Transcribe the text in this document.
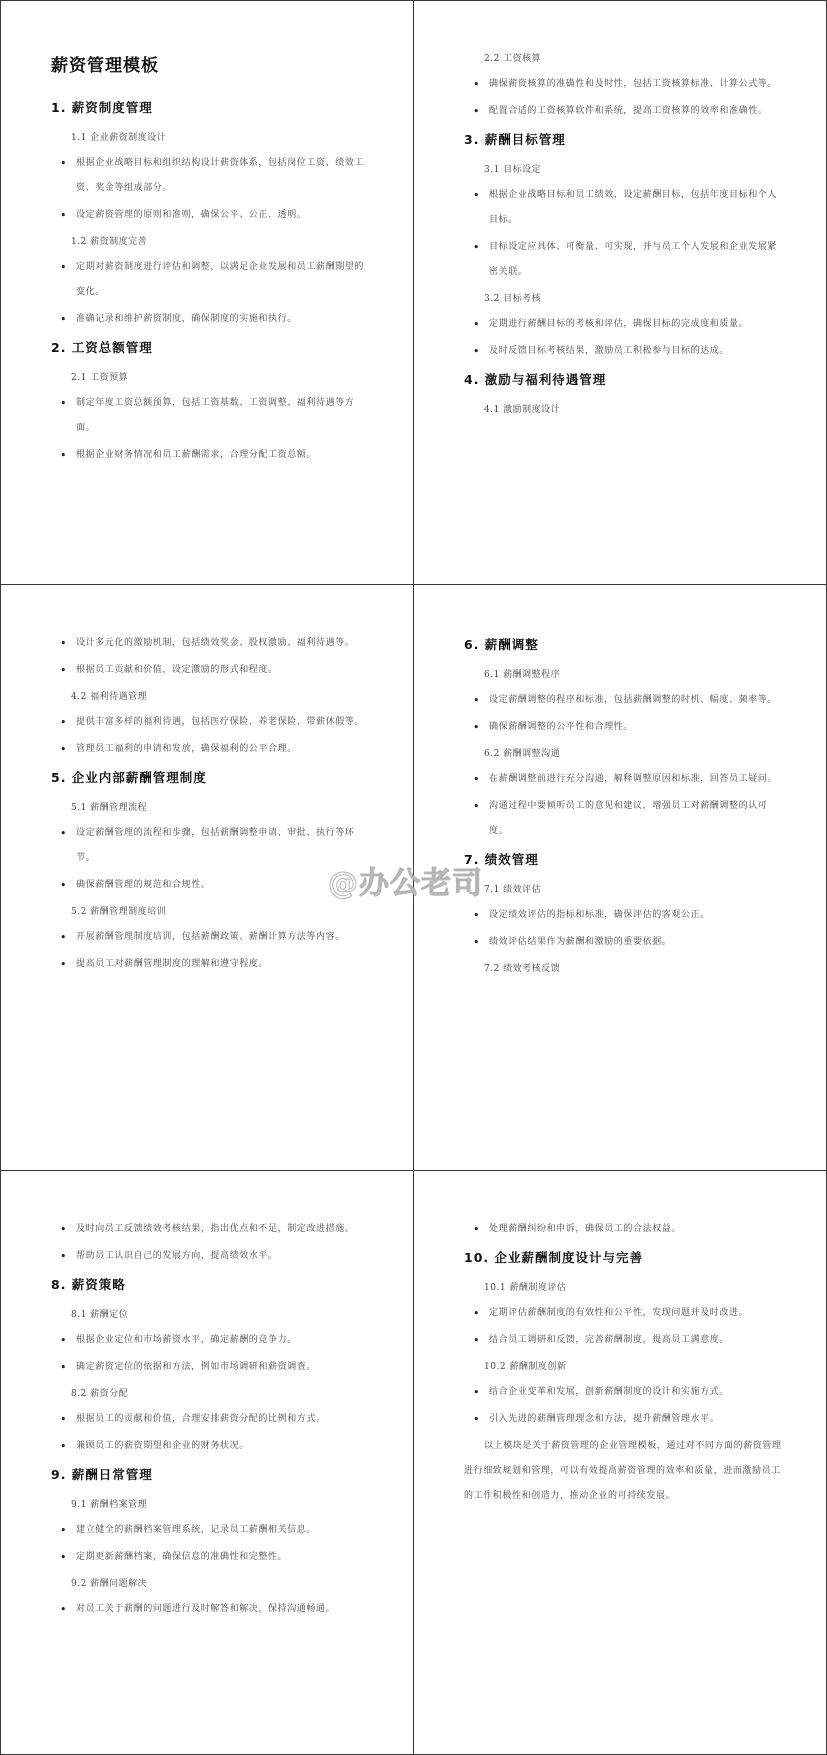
薪资管理模板
1. 薪资制度管理
1.1 企业薪资制度设计
• 根据企业战略目标和组织结构设计薪资体系，包括岗位工资、绩效工资、奖金等组成部分。
• 设定薪资管理的原则和准则，确保公平、公正、透明。
1.2 薪资制度完善
• 定期对薪资制度进行评估和调整，以满足企业发展和员工薪酬期望的变化。
• 准确记录和维护薪资制度，确保制度的实施和执行。
2. 工资总额管理
2.1 工资预算
• 制定年度工资总额预算，包括工资基数、工资调整、福利待遇等方面。
• 根据企业财务情况和员工薪酬需求，合理分配工资总额。
2.2 工资核算
• 确保薪资核算的准确性和及时性，包括工资核算标准、计算公式等。
• 配置合适的工资核算软件和系统，提高工资核算的效率和准确性。
3. 薪酬目标管理
3.1 目标设定
• 根据企业战略目标和员工绩效，设定薪酬目标，包括年度目标和个人目标。
• 目标设定应具体、可衡量、可实现，并与员工个人发展和企业发展紧密关联。
3.2 目标考核
• 定期进行薪酬目标的考核和评估，确保目标的完成度和质量。
• 及时反馈目标考核结果，激励员工积极参与目标的达成。
4. 激励与福利待遇管理
4.1 激励制度设计
• 设计多元化的激励机制，包括绩效奖金、股权激励、福利待遇等。
• 根据员工贡献和价值，设定激励的形式和程度。
4.2 福利待遇管理
• 提供丰富多样的福利待遇，包括医疗保险、养老保险、带薪休假等。
• 管理员工福利的申请和发放，确保福利的公平合理。
5. 企业内部薪酬管理制度
5.1 薪酬管理流程
• 设定薪酬管理的流程和步骤，包括薪酬调整申请、审批、执行等环节。
• 确保薪酬管理的规范和合规性。
5.2 薪酬管理制度培训
• 开展薪酬管理制度培训，包括薪酬政策、薪酬计算方法等内容。
• 提高员工对薪酬管理制度的理解和遵守程度。
6. 薪酬调整
6.1 薪酬调整程序
• 设定薪酬调整的程序和标准，包括薪酬调整的时机、幅度、频率等。
• 确保薪酬调整的公平性和合理性。
6.2 薪酬调整沟通
• 在薪酬调整前进行充分沟通，解释调整原因和标准，回答员工疑问。
• 沟通过程中要倾听员工的意见和建议，增强员工对薪酬调整的认可度。
7. 绩效管理
7.1 绩效评估
• 设定绩效评估的指标和标准，确保评估的客观公正。
• 绩效评估结果作为薪酬和激励的重要依据。
7.2 绩效考核反馈
• 及时向员工反馈绩效考核结果，指出优点和不足，制定改进措施。
• 帮助员工认识自己的发展方向，提高绩效水平。
8. 薪资策略
8.1 薪酬定位
• 根据企业定位和市场薪资水平，确定薪酬的竞争力。
• 确定薪资定位的依据和方法，例如市场调研和薪资调查。
8.2 薪资分配
• 根据员工的贡献和价值，合理安排薪资分配的比例和方式。
• 兼顾员工的薪资期望和企业的财务状况。
9. 薪酬日常管理
9.1 薪酬档案管理
• 建立健全的薪酬档案管理系统，记录员工薪酬相关信息。
• 定期更新薪酬档案，确保信息的准确性和完整性。
9.2 薪酬问题解决
• 对员工关于薪酬的问题进行及时解答和解决，保持沟通畅通。
• 处理薪酬纠纷和申诉，确保员工的合法权益。
10. 企业薪酬制度设计与完善
10.1 薪酬制度评估
• 定期评估薪酬制度的有效性和公平性，发现问题并及时改进。
• 结合员工调研和反馈，完善薪酬制度，提高员工满意度。
10.2 薪酬制度创新
• 结合企业变革和发展，创新薪酬制度的设计和实施方式。
• 引入先进的薪酬管理理念和方法，提升薪酬管理水平。
以上模块是关于薪资管理的企业管理模板，通过对不同方面的薪资管理进行细致规划和管理，可以有效提高薪资管理的效率和质量，进而激励员工的工作积极性和创造力，推动企业的可持续发展。
@办公老司
